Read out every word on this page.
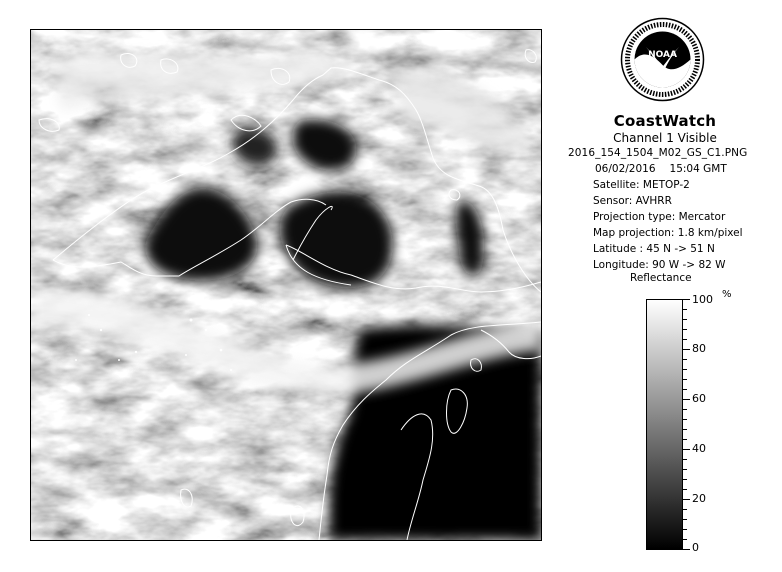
NOAA
CoastWatch
Channel 1 Visible
2016_154_1504_M02_GS_C1.PNG
06/02/2016 15:04 GMT
Satellite: METOP-2
Sensor: AVHRR
Projection type: Mercator
Map projection: 1.8 km/pixel
Latitude : 45 N -> 51 N
Longitude: 90 W -> 82 W
Reflectance
%
100
80
60
40
20
0
